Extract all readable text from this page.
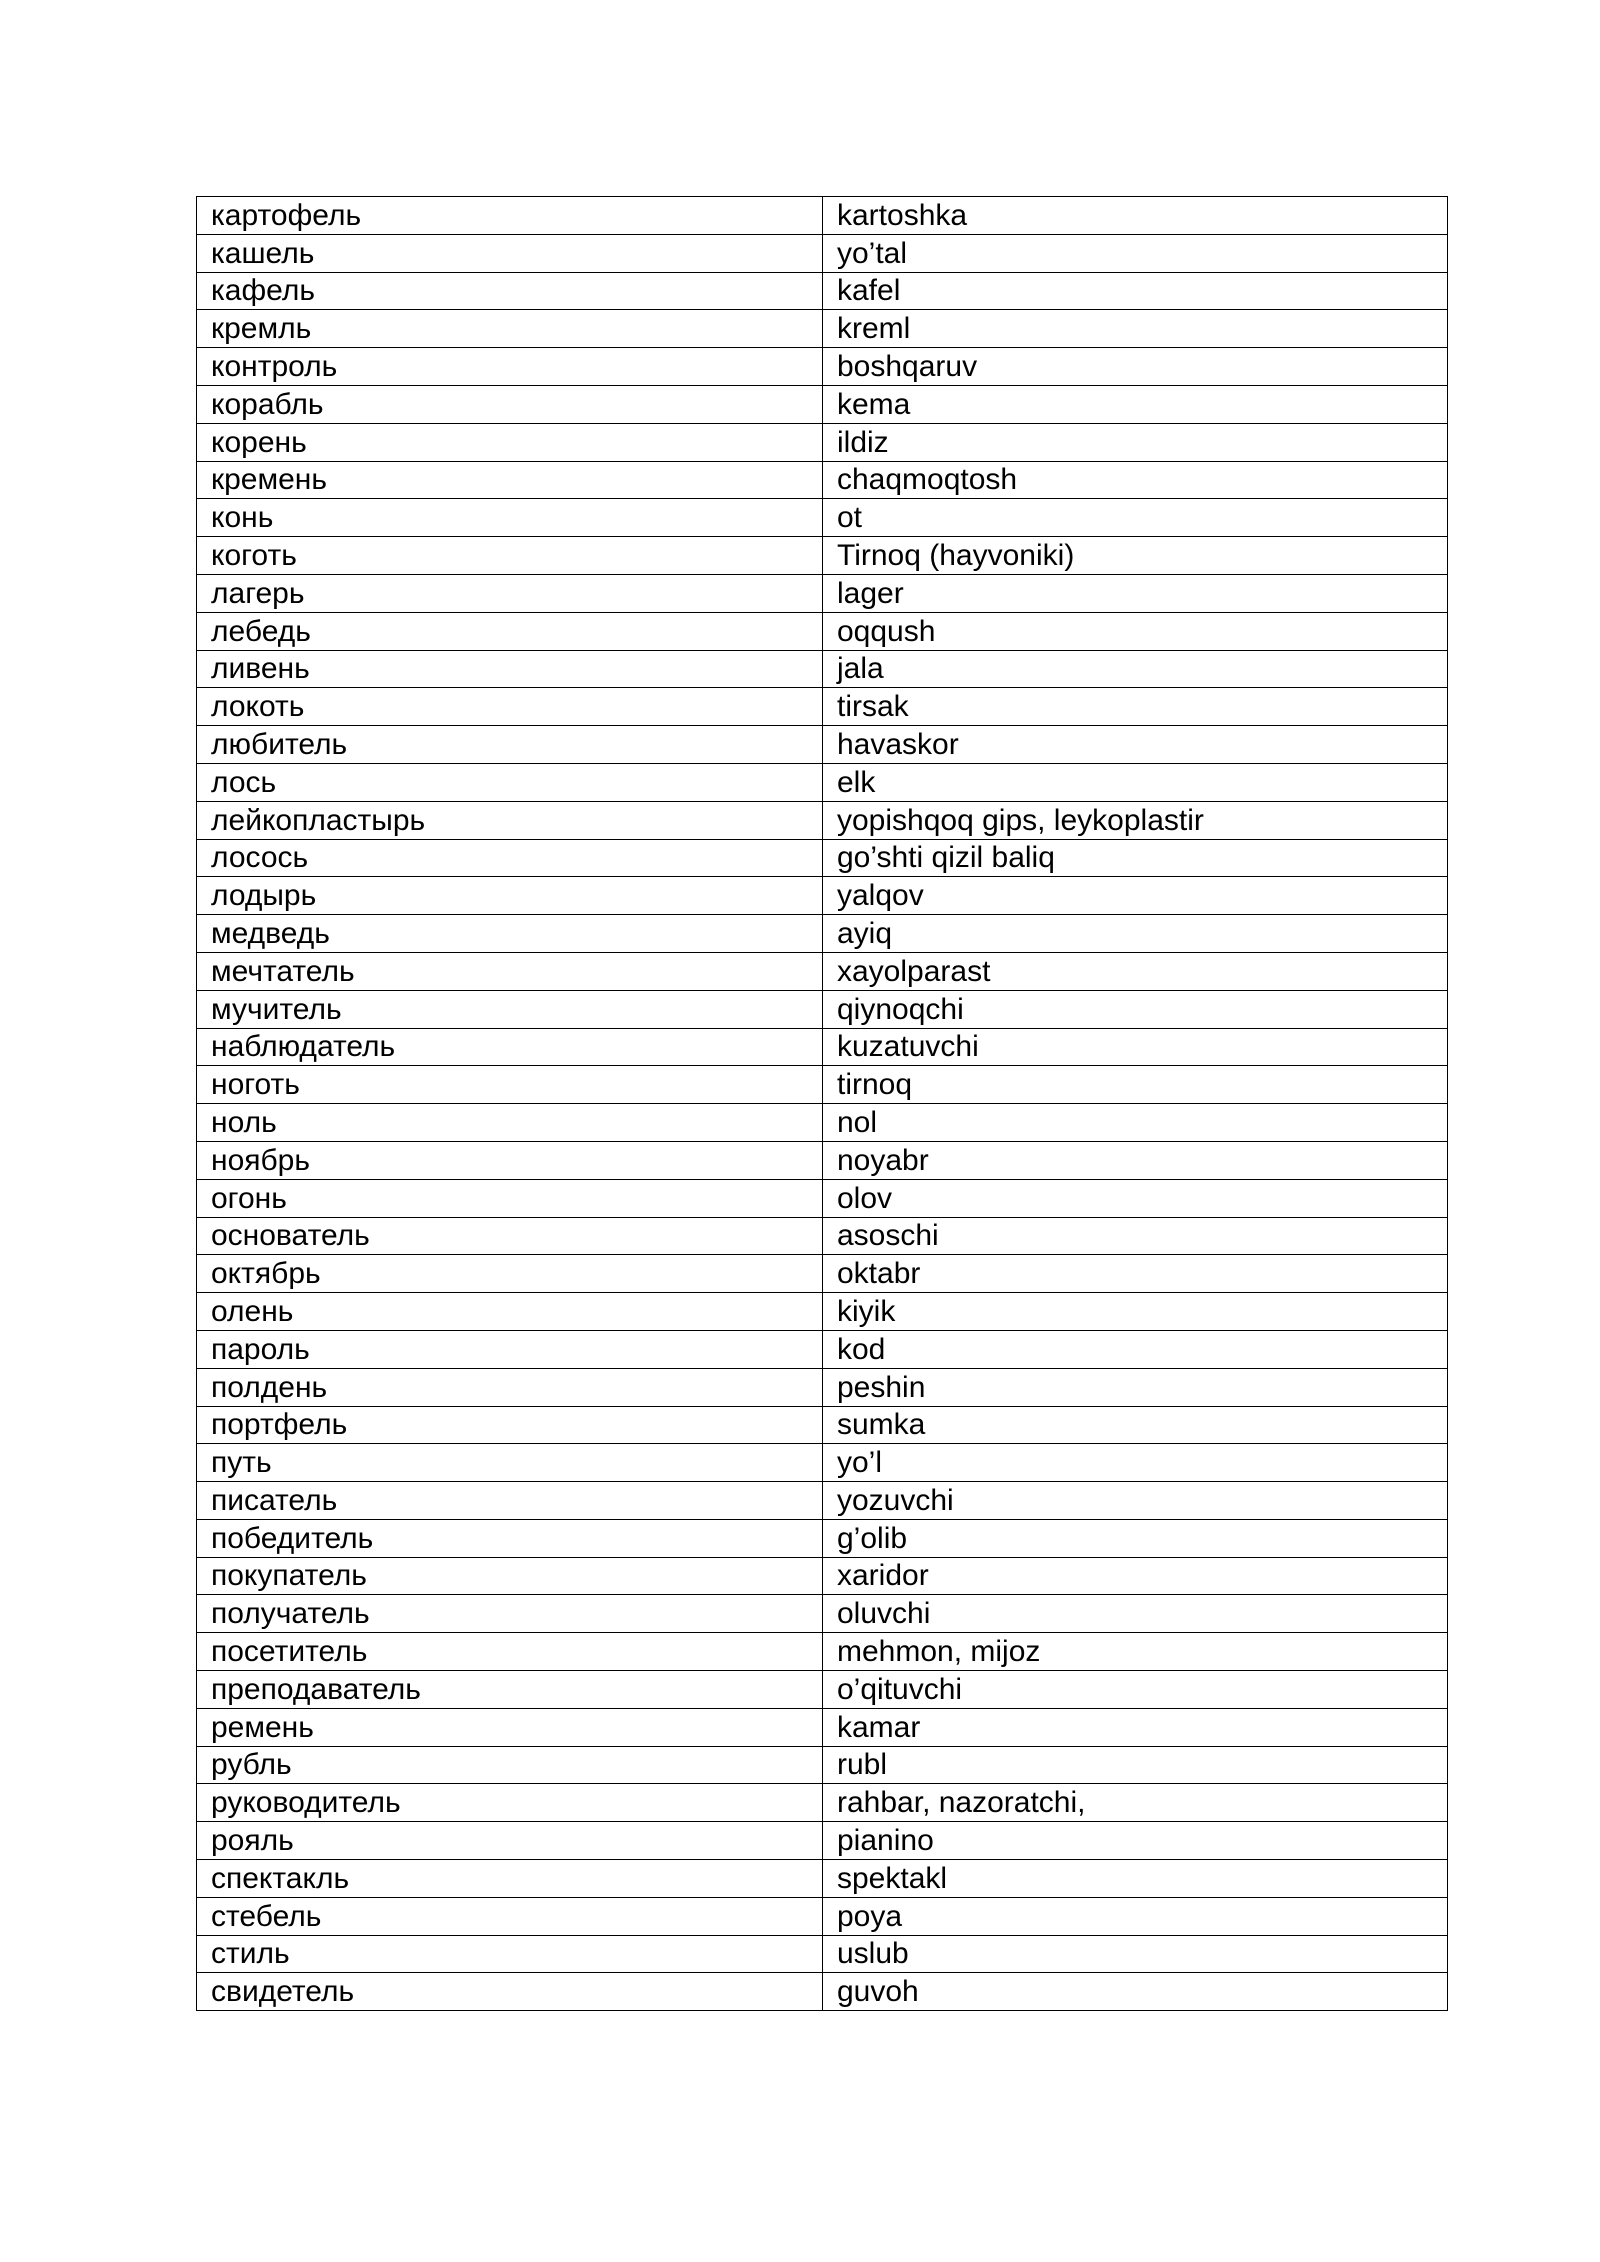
картофель	kartoshka
кашель	yo’tal
кафель	kafel
кремль	kreml
контроль	boshqaruv
корабль	kema
корень	ildiz
кремень	chaqmoqtosh
конь	ot
коготь	Tirnoq (hayvoniki)
лагерь	lager
лебедь	oqqush
ливень	jala
локоть	tirsak
любитель	havaskor
лось	elk
лейкопластырь	yopishqoq gips, leykoplastir
лосось	go’shti qizil baliq
лодырь	yalqov
медведь	ayiq
мечтатель	xayolparast
мучитель	qiynoqchi
наблюдатель	kuzatuvchi
ноготь	tirnoq
ноль	nol
ноябрь	noyabr
огонь	olov
основатель	asoschi
октябрь	oktabr
олень	kiyik
пароль	kod
полдень	peshin
портфель	sumka
путь	yo’l
писатель	yozuvchi
победитель	g’olib
покупатель	xaridor
получатель	oluvchi
посетитель	mehmon, mijoz
преподаватель	o’qituvchi
ремень	kamar
рубль	rubl
руководитель	rahbar, nazoratchi,
рояль	pianino
спектакль	spektakl
стебель	poya
стиль	uslub
свидетель	guvoh
